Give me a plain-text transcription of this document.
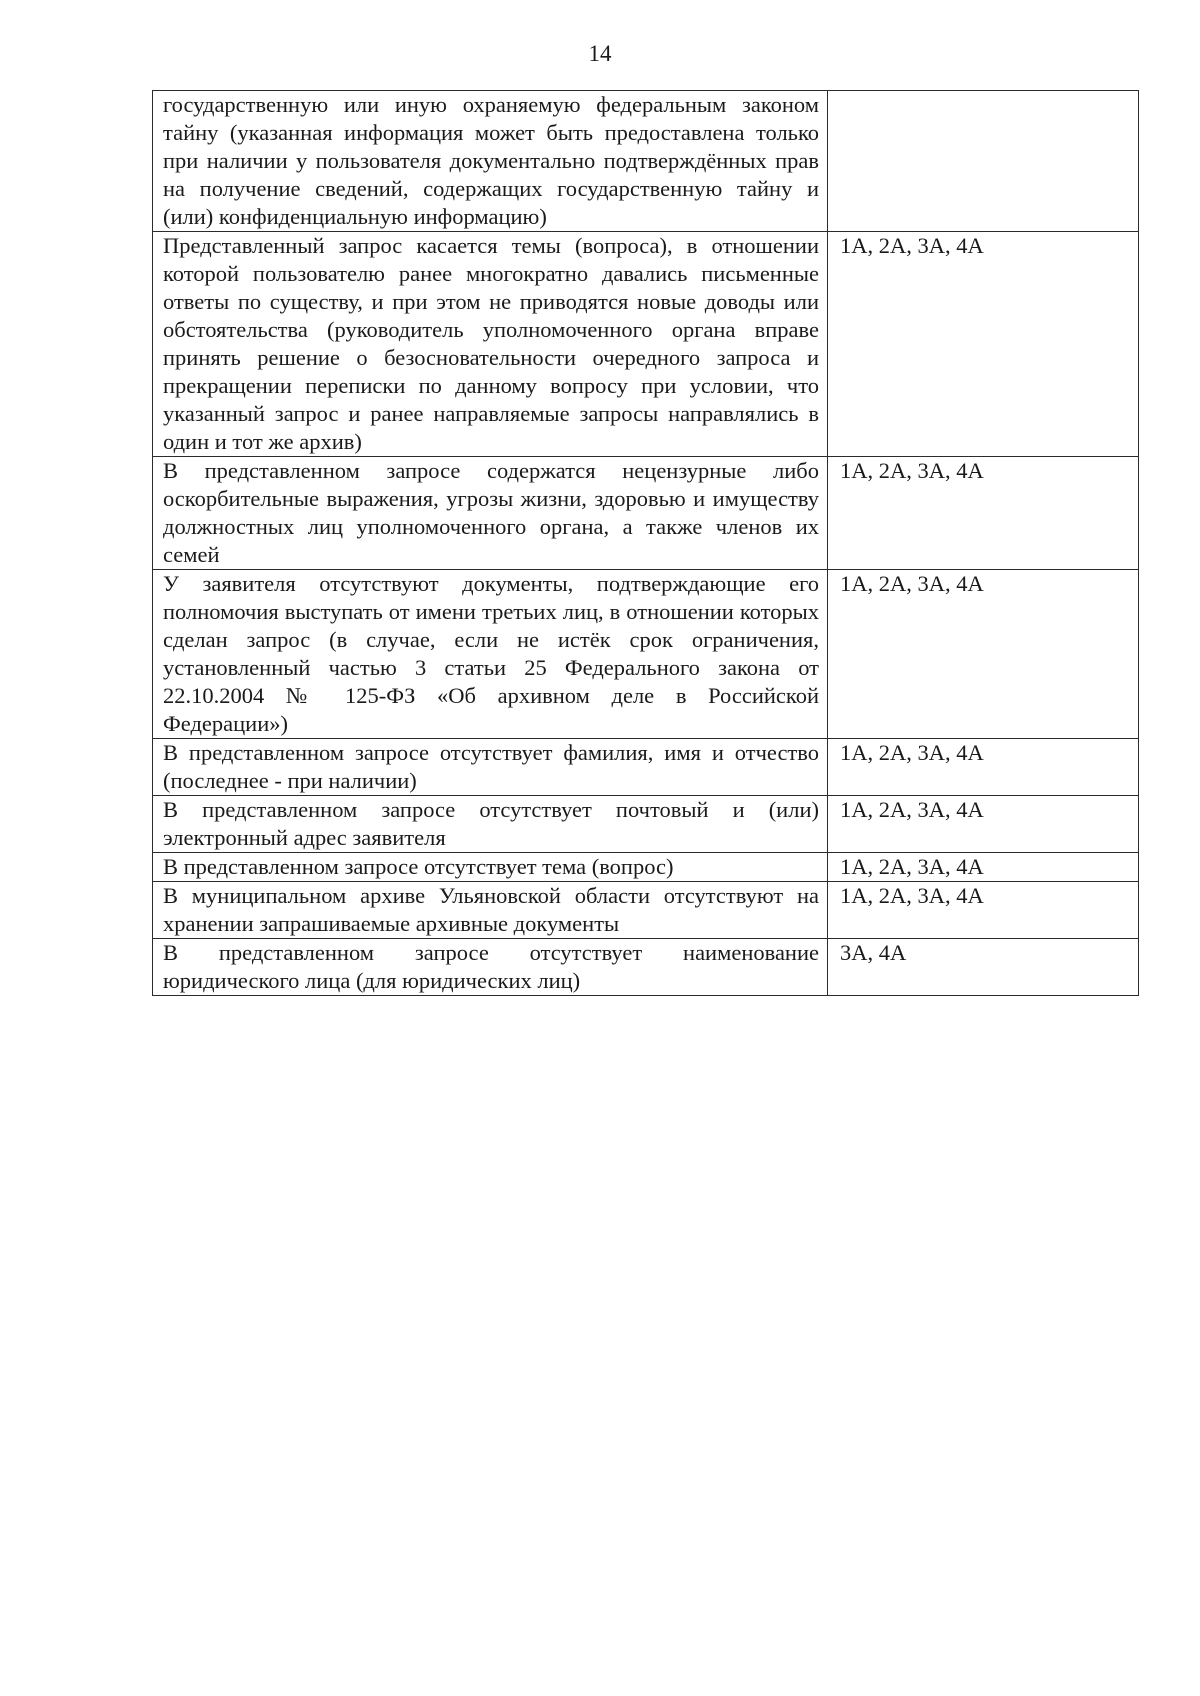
14
государственную или иную охраняемую федеральным законом тайну (указанная информация может быть предоставлена только при наличии у пользователя документально подтверждённых прав на получение сведений, содержащих государственную тайну и (или) конфиденциальную информацию)	
Представленный запрос касается темы (вопроса), в отношении которой пользователю ранее многократно давались письменные ответы по существу, и при этом не приводятся новые доводы или обстоятельства (руководитель уполномоченного органа вправе принять решение о безосновательности очередного запроса и прекращении переписки по данному вопросу при условии, что указанный запрос и ранее направляемые запросы направлялись в один и тот же архив)	1А, 2А, 3А, 4А
В представленном запросе содержатся нецензурные либо оскорбительные выражения, угрозы жизни, здоровью и имуществу должностных лиц уполномоченного органа, а также членов их семей	1А, 2А, 3А, 4А
У заявителя отсутствуют документы, подтверждающие его полномочия выступать от имени третьих лиц, в отношении которых сделан запрос (в случае, если не истёк срок ограничения, установленный частью 3 статьи 25 Федерального закона от 22.10.2004 № 125-ФЗ «Об архивном деле в Российской Федерации»)	1А, 2А, 3А, 4А
В представленном запросе отсутствует фамилия, имя и отчество (последнее - при наличии)	1А, 2А, 3А, 4А
В представленном запросе отсутствует почтовый и (или) электронный адрес заявителя	1А, 2А, 3А, 4А
В представленном запросе отсутствует тема (вопрос)	1А, 2А, 3А, 4А
В муниципальном архиве Ульяновской области отсутствуют на хранении запрашиваемые архивные документы	1А, 2А, 3А, 4А
В представленном запросе отсутствует наименование юридического лица (для юридических лиц)	3А, 4А
